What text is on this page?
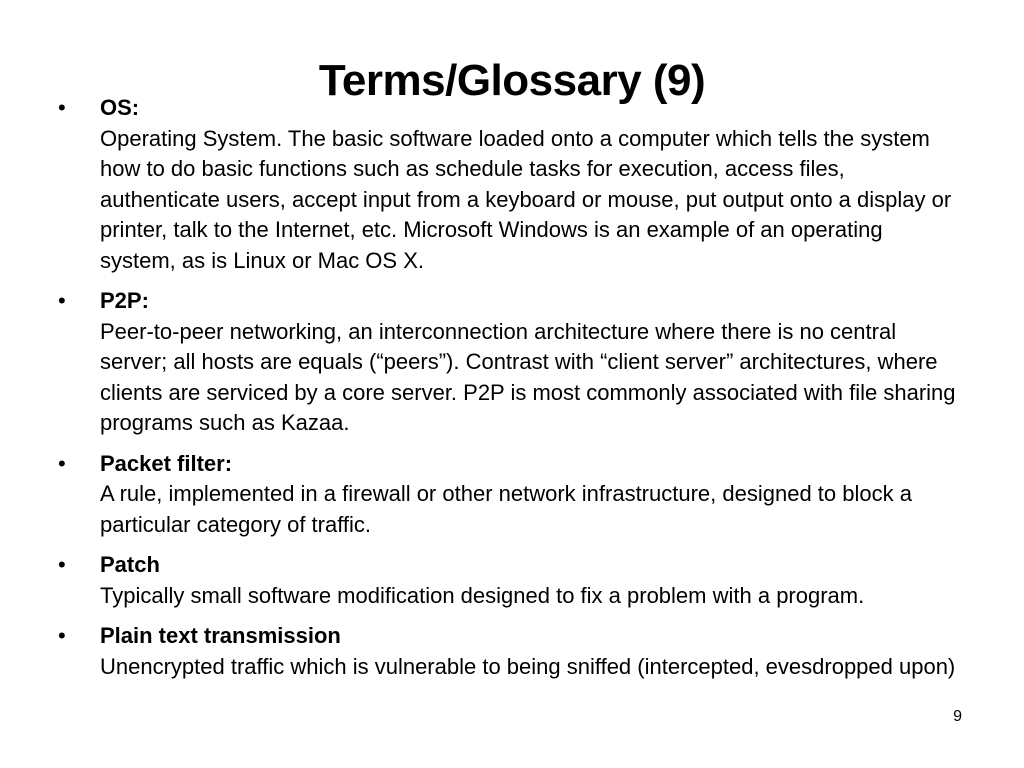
Terms/Glossary (9)
•	OS:
Operating System. The basic software loaded onto a computer which tells the system how to do basic functions such as schedule tasks for execution, access files, authenticate users, accept input from a keyboard or mouse, put output onto a display or printer, talk to the Internet, etc. Microsoft Windows is an example of an operating system, as is Linux or Mac OS X.
•	P2P:
Peer-to-peer networking, an interconnection architecture where there is no central server; all hosts are equals (“peers”). Contrast with “client server” architectures, where clients are serviced by a core server. P2P is most commonly associated with file sharing programs such as Kazaa.
•	Packet filter:
A rule, implemented in a firewall or other network infrastructure, designed to block a particular category of traffic.
•	Patch
Typically small software modification designed to fix a problem with a program.
•	Plain text transmission
Unencrypted traffic which is vulnerable to being sniffed (intercepted, evesdropped upon)
9
